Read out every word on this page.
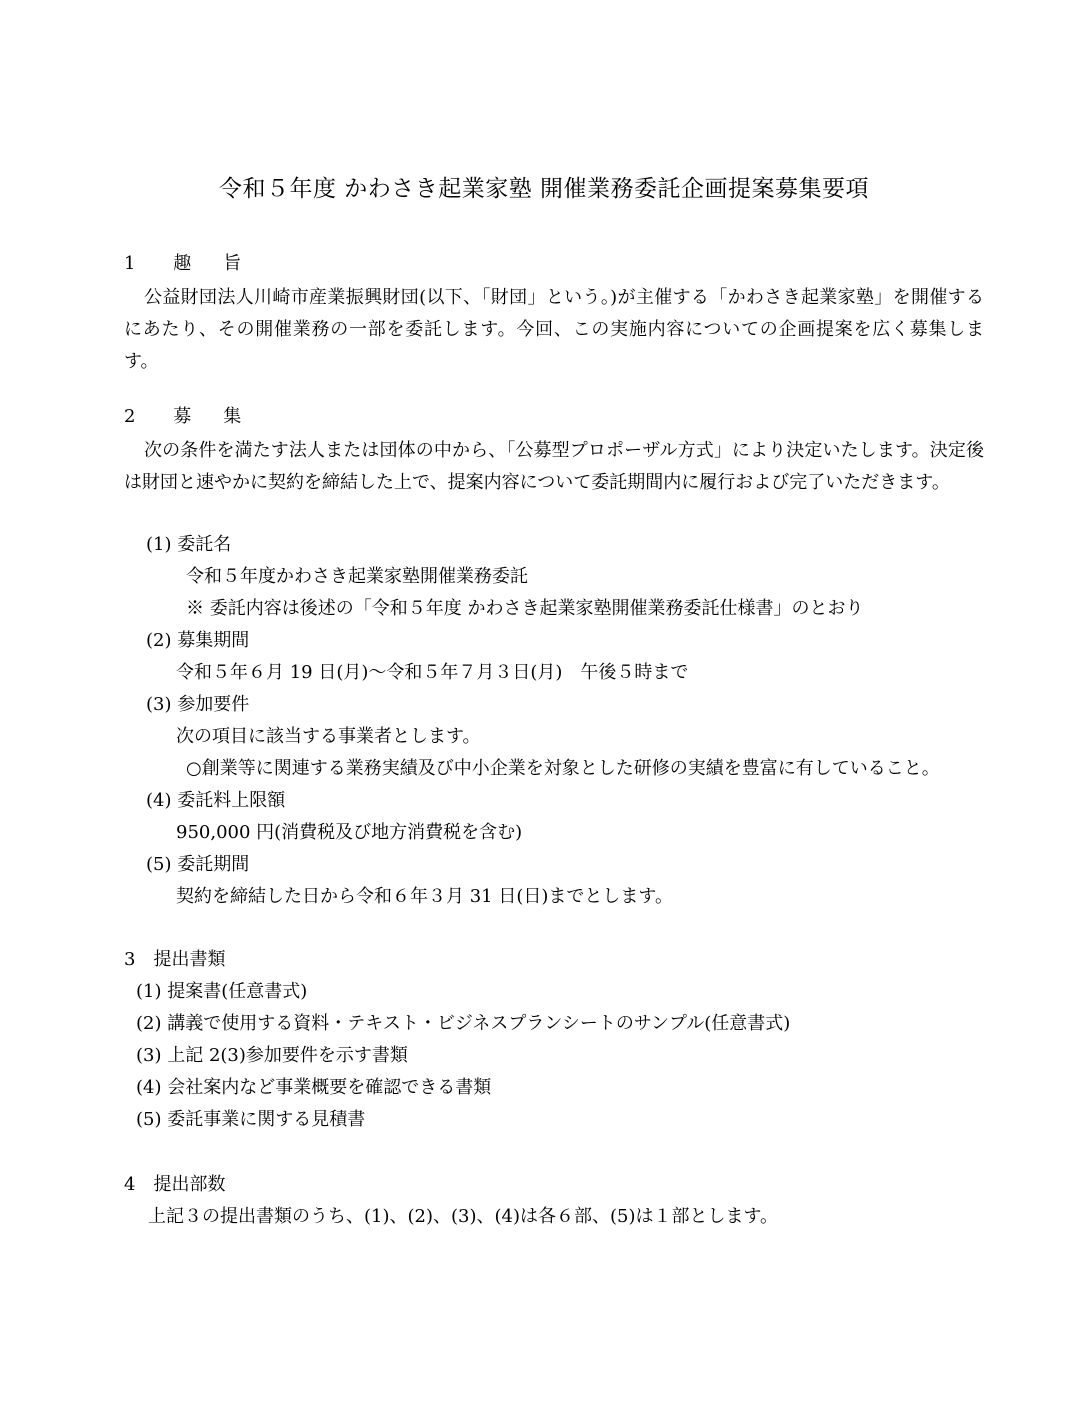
令和５年度 かわさき起業家塾 開催業務委託企画提案募集要項
1 趣 旨
公益財団法人川崎市産業振興財団(以下、「財団」という。)が主催する「かわさき起業家塾」を開催するにあたり、その開催業務の一部を委託します。今回、この実施内容についての企画提案を広く募集します。
2 募 集
次の条件を満たす法人または団体の中から、「公募型プロポーザル方式」により決定いたします。決定後は財団と速やかに契約を締結した上で、提案内容について委託期間内に履行および完了いただきます。
(1) 委託名
令和５年度かわさき起業家塾開催業務委託
※ 委託内容は後述の「令和５年度 かわさき起業家塾開催業務委託仕様書」のとおり
(2) 募集期間
令和５年６月 19 日(月)～令和５年７月３日(月)　午後５時まで
(3) 参加要件
次の項目に該当する事業者とします。
○創業等に関連する業務実績及び中小企業を対象とした研修の実績を豊富に有していること。
(4) 委託料上限額
950,000 円(消費税及び地方消費税を含む)
(5) 委託期間
契約を締結した日から令和６年３月 31 日(日)までとします。
3　提出書類
(1) 提案書(任意書式)
(2) 講義で使用する資料・テキスト・ビジネスプランシートのサンプル(任意書式)
(3) 上記 2(3)参加要件を示す書類
(4) 会社案内など事業概要を確認できる書類
(5) 委託事業に関する見積書
4　提出部数
上記３の提出書類のうち、(1)、(2)、(3)、(4)は各６部、(5)は１部とします。
